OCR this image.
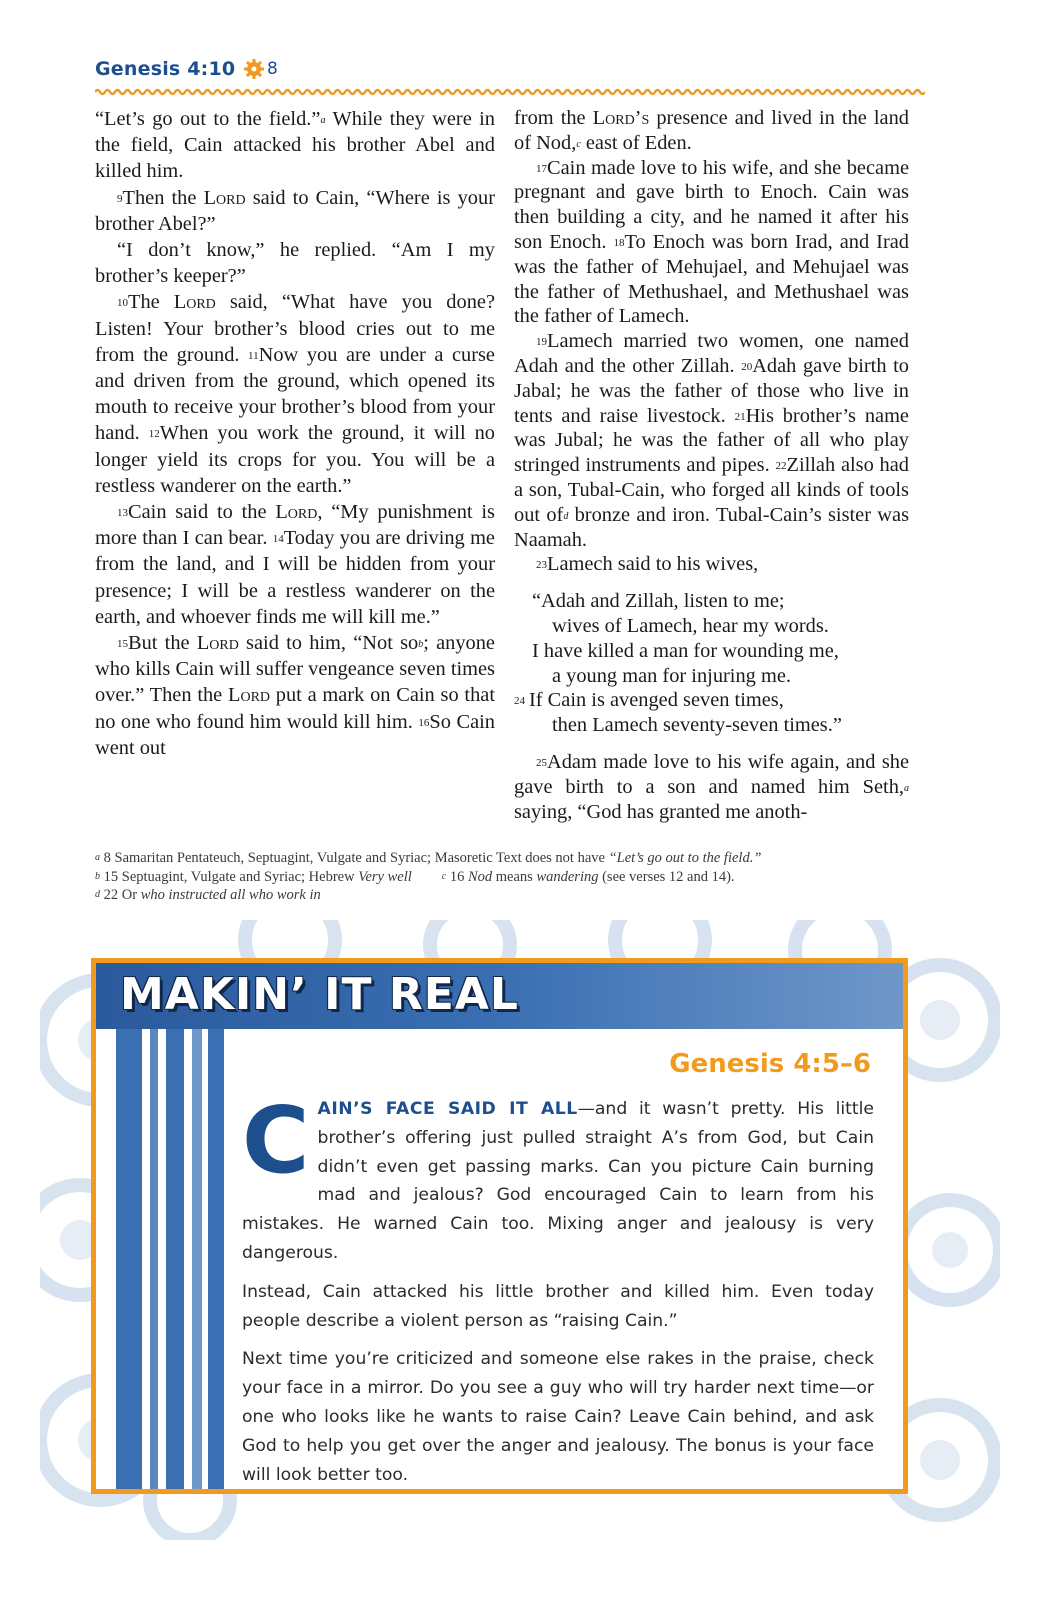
Genesis 4:10 8

“Let’s go out to the field.”$^a$ While they were in the field, Cain attacked his brother Abel and killed him.

$^9$Then the Lord said to Cain, “Where is your brother Abel?”

“I don’t know,” he replied. “Am I my brother’s keeper?”

$^{10}$The Lord said, “What have you done? Listen! Your brother’s blood cries out to me from the ground. $^{11}$Now you are under a curse and driven from the ground, which opened its mouth to receive your brother’s blood from your hand. $^{12}$When you work the ground, it will no longer yield its crops for you. You will be a restless wanderer on the earth.”

$^{13}$Cain said to the Lord, “My punishment is more than I can bear. $^{14}$Today you are driving me from the land, and I will be hidden from your presence; I will be a restless wanderer on the earth, and whoever finds me will kill me.”

$^{15}$But the Lord said to him, “Not so$^b$; anyone who kills Cain will suffer vengeance seven times over.” Then the Lord put a mark on Cain so that no one who found him would kill him. $^{16}$So Cain went out

from the Lord’s presence and lived in the land of Nod,$^c$ east of Eden.

$^{17}$Cain made love to his wife, and she became pregnant and gave birth to Enoch. Cain was then building a city, and he named it after his son Enoch. $^{18}$To Enoch was born Irad, and Irad was the father of Mehujael, and Mehujael was the father of Methushael, and Methushael was the father of Lamech.

$^{19}$Lamech married two women, one named Adah and the other Zillah. $^{20}$Adah gave birth to Jabal; he was the father of those who live in tents and raise livestock. $^{21}$His brother’s name was Jubal; he was the father of all who play stringed instruments and pipes. $^{22}$Zillah also had a son, Tubal-Cain, who forged all kinds of tools out of$^d$ bronze and iron. Tubal-Cain’s sister was Naamah.

$^{23}$Lamech said to his wives,

“Adah and Zillah, listen to me;

wives of Lamech, hear my words.

I have killed a man for wounding me,

a young man for injuring me.

$^{24}$ If Cain is avenged seven times,

then Lamech seventy-seven times.”

$^{25}$Adam made love to his wife again, and she gave birth to a son and named him Seth,$^a$ saying, “God has granted me anoth-

$^a$ 8 Samaritan Pentateuch, Septuagint, Vulgate and Syriac; Masoretic Text does not have “Let’s go out to the field.”

$^b$ 15 Septuagint, Vulgate and Syriac; Hebrew Very well	$^c$ 16 Nod means wandering (see verses 12 and 14).

$^d$ 22 Or who instructed all who work in

MAKIN’ IT REAL
Genesis 4:5–6

CAIN’S FACE SAID IT ALL—and it wasn’t pretty. His little brother’s offering just pulled straight A’s from God, but Cain didn’t even get passing marks. Can you picture Cain burning mad and jealous? God encouraged Cain to learn from his mistakes. He warned Cain too. Mixing anger and jealousy is very dangerous.

Instead, Cain attacked his little brother and killed him. Even today people describe a violent person as “raising Cain.”

Next time you’re criticized and someone else rakes in the praise, check your face in a mirror. Do you see a guy who will try harder next time—or one who looks like he wants to raise Cain? Leave Cain behind, and ask God to help you get over the anger and jealousy. The bonus is your face will look better too.
